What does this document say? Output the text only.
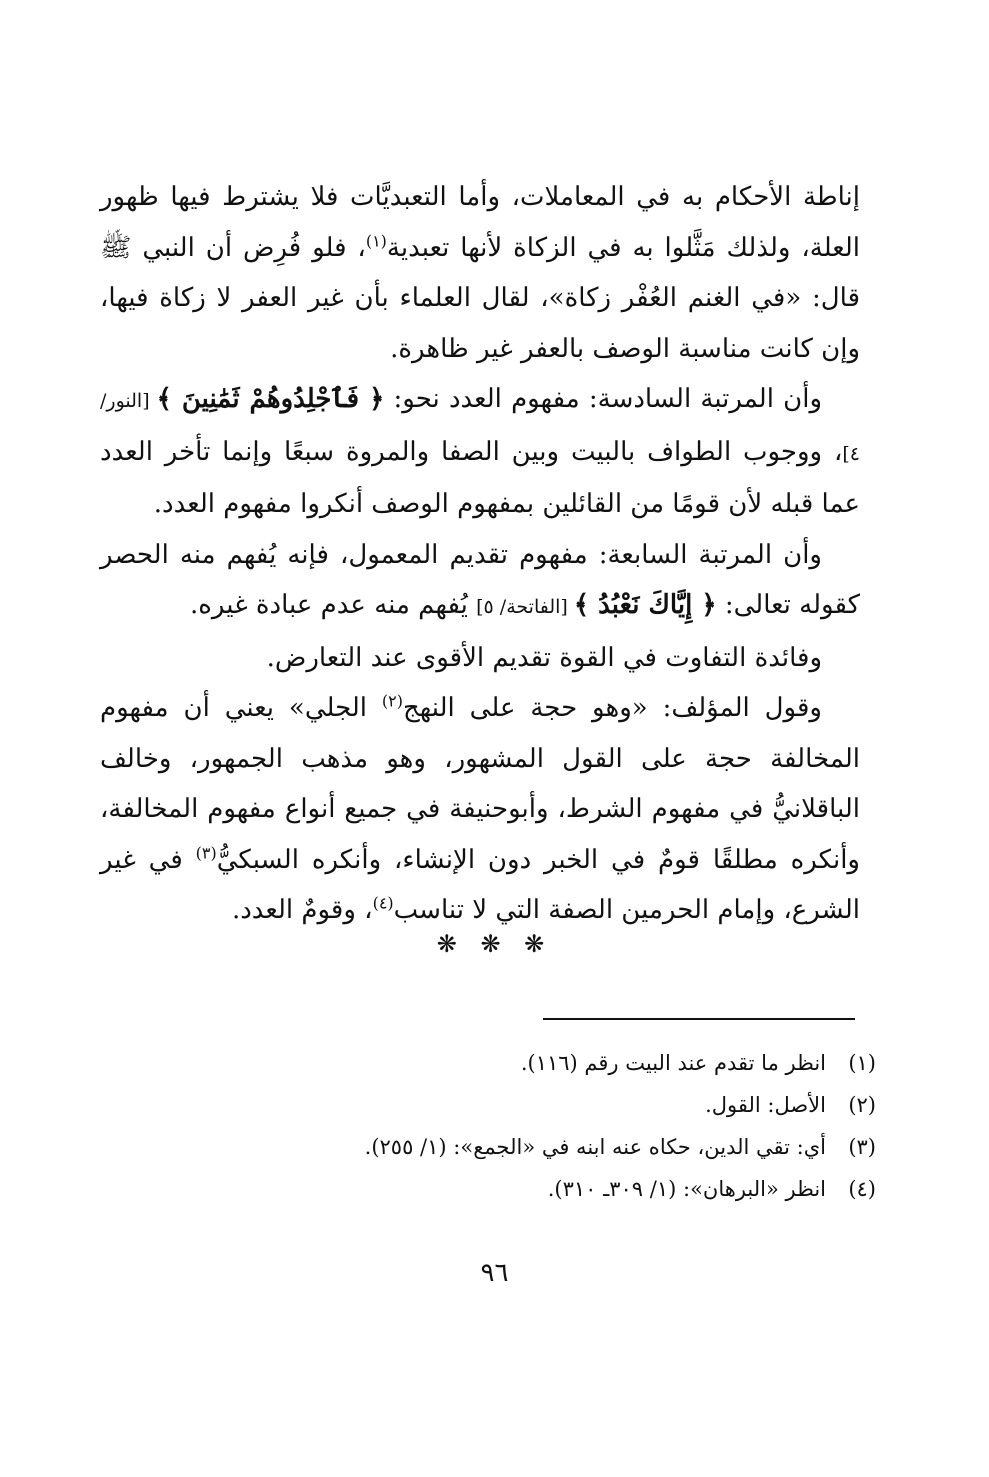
إناطة الأحكام به في المعاملات، وأما التعبديَّات فلا يشترط فيها ظهور العلة، ولذلك مَثَّلوا به في الزكاة لأنها تعبدية$^{(١)}$، فلو فُرِض أن النبي ﷺ قال: «في الغنم العُفْر زكاة»، لقال العلماء بأن غير العفر لا زكاة فيها، وإن كانت مناسبة الوصف بالعفر غير ظاهرة.

وأن المرتبة السادسة: مفهوم العدد نحو: ﴿ فَٱجْلِدُوهُمْ ثَمَٰنِينَ ﴾ [النور/ ٤]، ووجوب الطواف بالبيت وبين الصفا والمروة سبعًا وإنما تأخر العدد عما قبله لأن قومًا من القائلين بمفهوم الوصف أنكروا مفهوم العدد.

وأن المرتبة السابعة: مفهوم تقديم المعمول، فإنه يُفهم منه الحصر كقوله تعالى: ﴿ إِيَّاكَ نَعْبُدُ ﴾ [الفاتحة/ ٥] يُفهم منه عدم عبادة غيره.

وفائدة التفاوت في القوة تقديم الأقوى عند التعارض.

وقول المؤلف: «وهو حجة على النهج$^{(٢)}$ الجلي» يعني أن مفهوم المخالفة حجة على القول المشهور، وهو مذهب الجمهور، وخالف الباقلانيُّ في مفهوم الشرط، وأبوحنيفة في جميع أنواع مفهوم المخالفة، وأنكره مطلقًا قومٌ في الخبر دون الإنشاء، وأنكره السبكيُّ$^{(٣)}$ في غير الشرع، وإمام الحرمين الصفة التي لا تناسب$^{(٤)}$، وقومٌ العدد.

❋ ❋ ❋
(١)
انظر ما تقدم عند البيت رقم (١١٦).
(٢)
الأصل: القول.
(٣)
أي: تقي الدين، حكاه عنه ابنه في «الجمع»: (١/ ٢٥٥).
(٤)
انظر «البرهان»: (١/ ٣٠٩ـ ٣١٠).
٩٦
